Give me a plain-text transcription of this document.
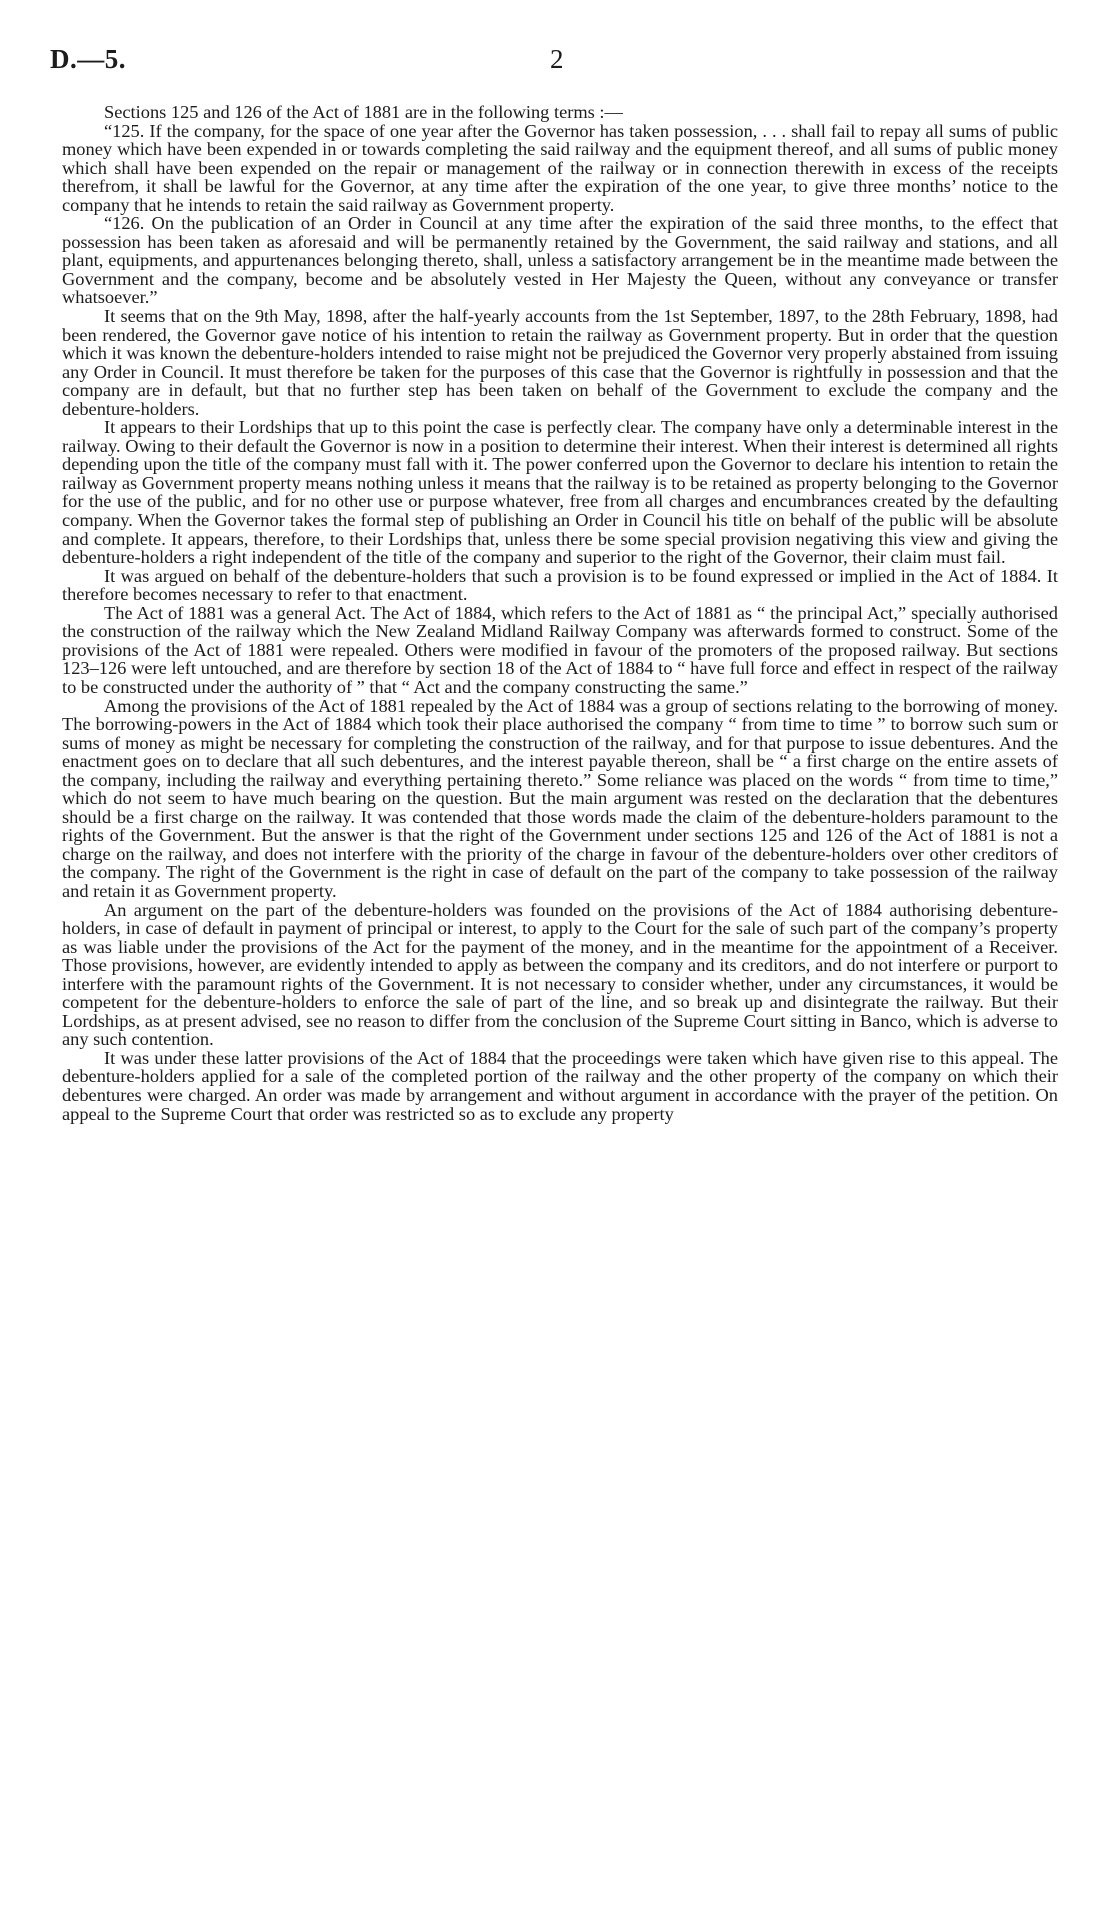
D.—5.	2

Sections 125 and 126 of the Act of 1881 are in the following terms :—

“125. If the company, for the space of one year after the Governor has taken possession, . . . shall fail to repay all sums of public money which have been expended in or towards completing the said railway and the equipment thereof, and all sums of public money which shall have been expended on the repair or management of the railway or in connection therewith in excess of the receipts therefrom, it shall be lawful for the Governor, at any time after the expiration of the one year, to give three months’ notice to the company that he intends to retain the said railway as Government property.

“126. On the publication of an Order in Council at any time after the expiration of the said three months, to the effect that possession has been taken as aforesaid and will be permanently retained by the Government, the said railway and stations, and all plant, equipments, and appurtenances belonging thereto, shall, unless a satisfactory arrangement be in the meantime made between the Government and the company, become and be absolutely vested in Her Majesty the Queen, without any conveyance or transfer whatsoever.”

It seems that on the 9th May, 1898, after the half-yearly accounts from the 1st September, 1897, to the 28th February, 1898, had been rendered, the Governor gave notice of his intention to retain the railway as Government property. But in order that the question which it was known the debenture-holders intended to raise might not be prejudiced the Governor very properly abstained from issuing any Order in Council. It must therefore be taken for the purposes of this case that the Governor is rightfully in possession and that the company are in default, but that no further step has been taken on behalf of the Government to exclude the company and the debenture-holders.

It appears to their Lordships that up to this point the case is perfectly clear. The company have only a determinable interest in the railway. Owing to their default the Governor is now in a position to determine their interest. When their interest is determined all rights depending upon the title of the company must fall with it. The power conferred upon the Governor to declare his intention to retain the railway as Government property means nothing unless it means that the railway is to be retained as property belonging to the Governor for the use of the public, and for no other use or purpose whatever, free from all charges and encumbrances created by the defaulting company. When the Governor takes the formal step of publishing an Order in Council his title on behalf of the public will be absolute and complete. It appears, therefore, to their Lordships that, unless there be some special provision negativing this view and giving the debenture-holders a right independent of the title of the company and superior to the right of the Governor, their claim must fail.

It was argued on behalf of the debenture-holders that such a provision is to be found expressed or implied in the Act of 1884. It therefore becomes necessary to refer to that enactment.

The Act of 1881 was a general Act. The Act of 1884, which refers to the Act of 1881 as “ the principal Act,” specially authorised the construction of the railway which the New Zealand Midland Railway Company was afterwards formed to construct. Some of the provisions of the Act of 1881 were repealed. Others were modified in favour of the promoters of the proposed railway. But sections 123–126 were left untouched, and are therefore by section 18 of the Act of 1884 to “ have full force and effect in respect of the railway to be constructed under the authority of ” that “ Act and the company constructing the same.”

Among the provisions of the Act of 1881 repealed by the Act of 1884 was a group of sections relating to the borrowing of money. The borrowing-powers in the Act of 1884 which took their place authorised the company “ from time to time ” to borrow such sum or sums of money as might be necessary for completing the construction of the railway, and for that purpose to issue debentures. And the enactment goes on to declare that all such debentures, and the interest payable thereon, shall be “ a first charge on the entire assets of the company, including the railway and everything pertaining thereto.” Some reliance was placed on the words “ from time to time,” which do not seem to have much bearing on the question. But the main argument was rested on the declaration that the debentures should be a first charge on the railway. It was contended that those words made the claim of the debenture-holders paramount to the rights of the Government. But the answer is that the right of the Government under sections 125 and 126 of the Act of 1881 is not a charge on the railway, and does not interfere with the priority of the charge in favour of the debenture-holders over other creditors of the company. The right of the Government is the right in case of default on the part of the company to take possession of the railway and retain it as Government property.

An argument on the part of the debenture-holders was founded on the provisions of the Act of 1884 authorising debenture-holders, in case of default in payment of principal or interest, to apply to the Court for the sale of such part of the company’s property as was liable under the provisions of the Act for the payment of the money, and in the meantime for the appointment of a Receiver. Those provisions, however, are evidently intended to apply as between the company and its creditors, and do not interfere or purport to interfere with the paramount rights of the Government. It is not necessary to consider whether, under any circumstances, it would be competent for the debenture-holders to enforce the sale of part of the line, and so break up and disintegrate the railway. But their Lordships, as at present advised, see no reason to differ from the conclusion of the Supreme Court sitting in Banco, which is adverse to any such contention.

It was under these latter provisions of the Act of 1884 that the proceedings were taken which have given rise to this appeal. The debenture-holders applied for a sale of the completed portion of the railway and the other property of the company on which their debentures were charged. An order was made by arrangement and without argument in accordance with the prayer of the petition. On appeal to the Supreme Court that order was restricted so as to exclude any property
